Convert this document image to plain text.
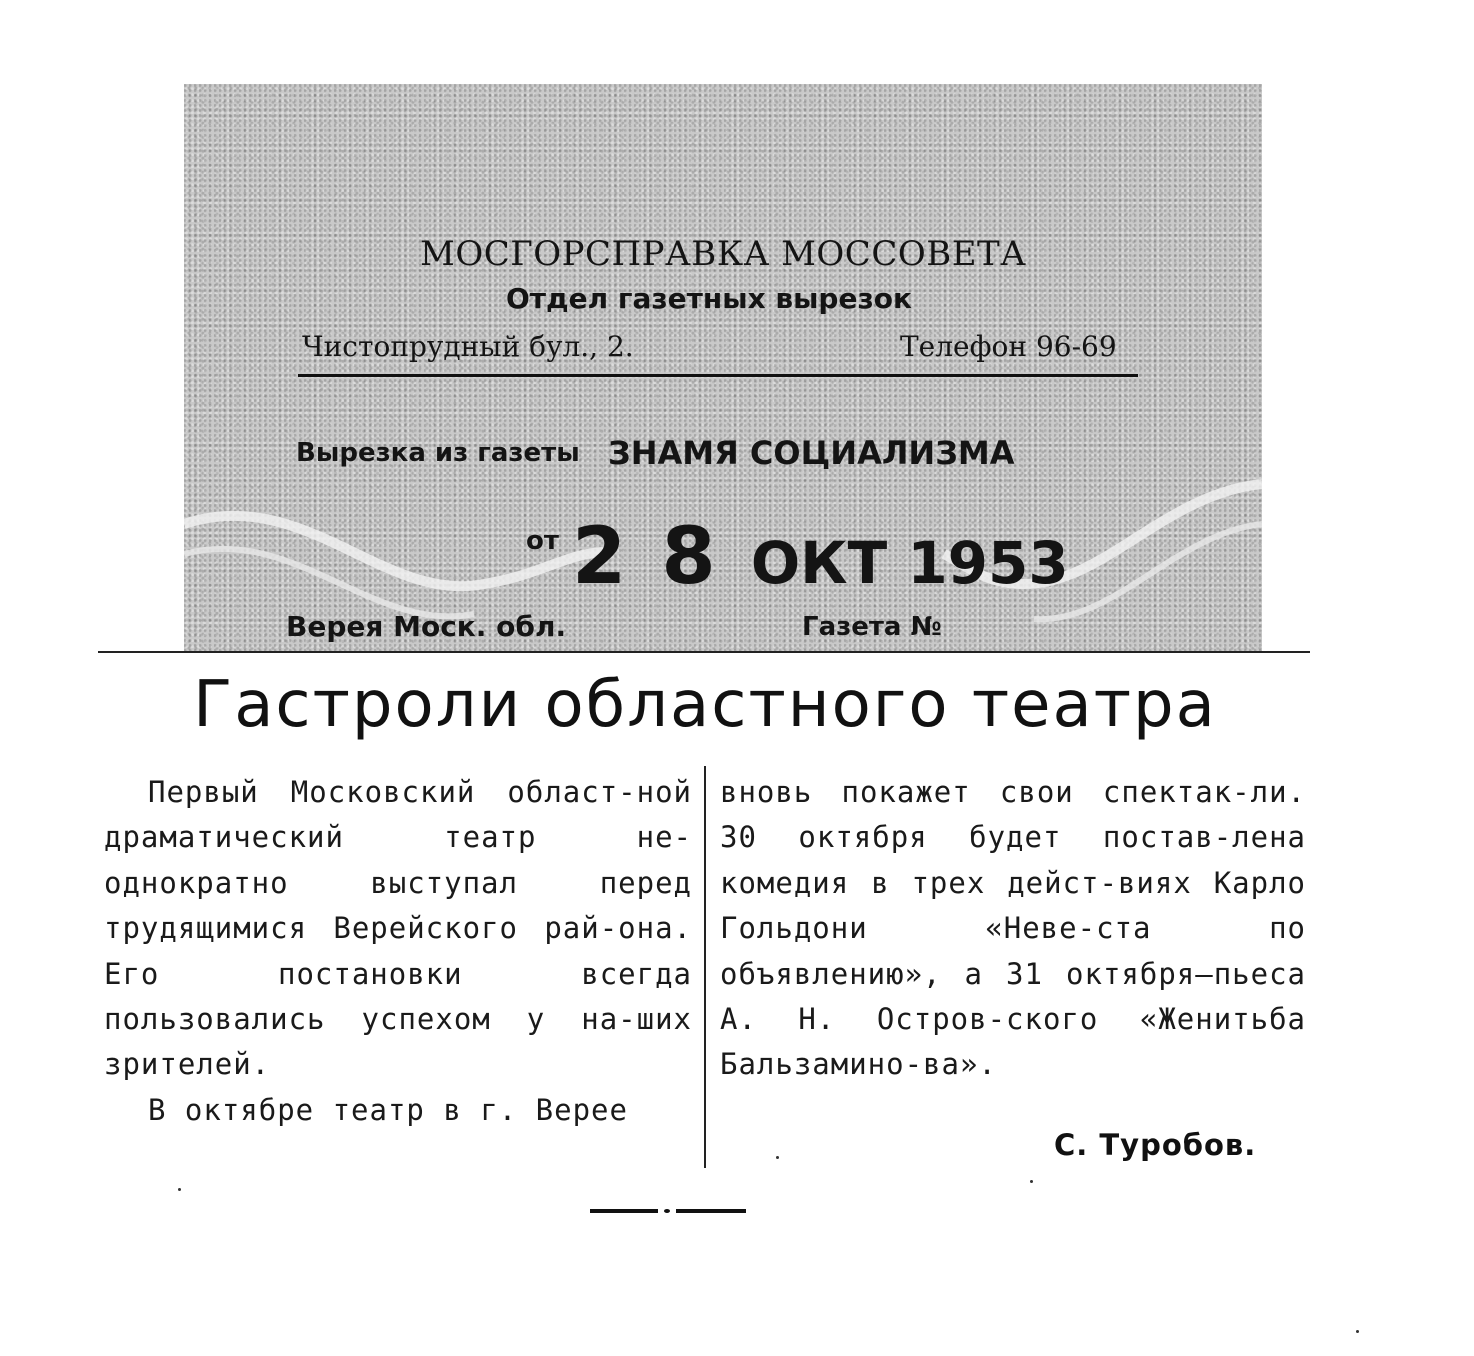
МОСГОРСПРАВКА МОССОВЕТА
Отдел газетных вырезок
Чистопрудный бул., 2.	Телефон 96-69
Вырезка из газеты ЗНАМЯ СОЦИАЛИЗМА
от 2 8 ОКТ 1953
Верея Моск. обл.	Газета №
Гастроли областного театра

Первый Московский област-ной драматический театр не-однократно выступал перед трудящимися Верейского рай-она. Его постановки всегда пользовались успехом у на-ших зрителей.

В октябре театр в г. Верее

вновь покажет свои спектак-ли. 30 октября будет постав-лена комедия в трех дейст-виях Карло Гольдони «Неве-ста по объявлению», а 31 октября—пьеса А. Н. Остров-ского «Женитьба Бальзамино-ва».

С. Туробов.
